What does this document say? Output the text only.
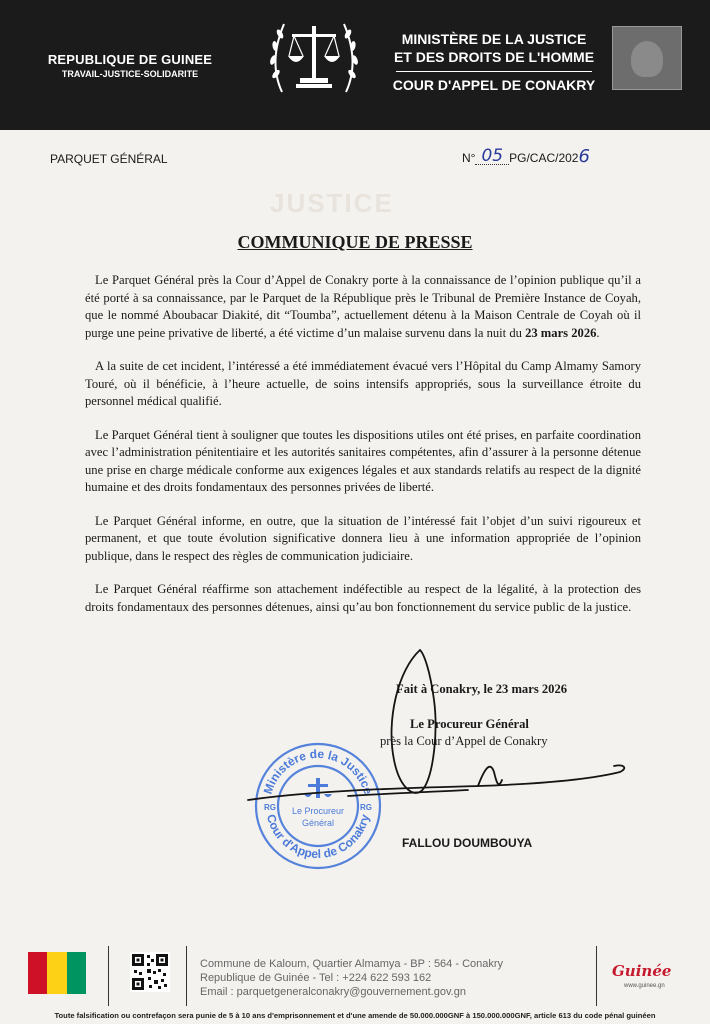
REPUBLIQUE DE GUINEE
TRAVAIL-JUSTICE-SOLIDARITE
MINISTÈRE DE LA JUSTICE
ET DES DROITS DE L'HOMME
COUR D'APPEL DE CONAKRY
PARQUET GÉNÉRAL	N° 05 PG/CAC/202 6
JUSTICE
COMMUNIQUE DE PRESSE

Le Parquet Général près la Cour d’Appel de Conakry porte à la connaissance de l’opinion publique qu’il a été porté à sa connaissance, par le Parquet de la République près le Tribunal de Première Instance de Coyah, que le nommé Aboubacar Diakité, dit “Toumba”, actuellement détenu à la Maison Centrale de Coyah où il purge une peine privative de liberté, a été victime d’un malaise survenu dans la nuit du 23 mars 2026.

A la suite de cet incident, l’intéressé a été immédiatement évacué vers l’Hôpital du Camp Almamy Samory Touré, où il bénéficie, à l’heure actuelle, de soins intensifs appropriés, sous la surveillance étroite du personnel médical qualifié.

Le Parquet Général tient à souligner que toutes les dispositions utiles ont été prises, en parfaite coordination avec l’administration pénitentiaire et les autorités sanitaires compétentes, afin d’assurer à la personne détenue une prise en charge médicale conforme aux exigences légales et aux standards relatifs au respect de la dignité humaine et des droits fondamentaux des personnes privées de liberté.

Le Parquet Général informe, en outre, que la situation de l’intéressé fait l’objet d’un suivi rigoureux et permanent, et que toute évolution significative donnera lieu à une information appropriée de l’opinion publique, dans le respect des règles de communication judiciaire.

Le Parquet Général réaffirme son attachement indéfectible au respect de la légalité, à la protection des droits fondamentaux des personnes détenues, ainsi qu’au bon fonctionnement du service public de la justice.

Fait à Conakry, le 23 mars 2026
Le Procureur Général
près la Cour d’Appel de Conakry
Ministère de la Justice
Cour d'Appel de Conakry
Le Procureur
Général
RG	RG
FALLOU DOUMBOUYA
Commune de Kaloum, Quartier Almamya - BP : 564 - Conakry
Republique de Guinée - Tel : +224 622 593 162
Email : parquetgeneralconakry@gouvernement.gov.gn
Guinée
www.guinee.gn
Toute falsification ou contrefaçon sera punie de 5 à 10 ans d'emprisonnement et d'une amende de 50.000.000GNF à 150.000.000GNF, article 613 du code pénal guinéen
